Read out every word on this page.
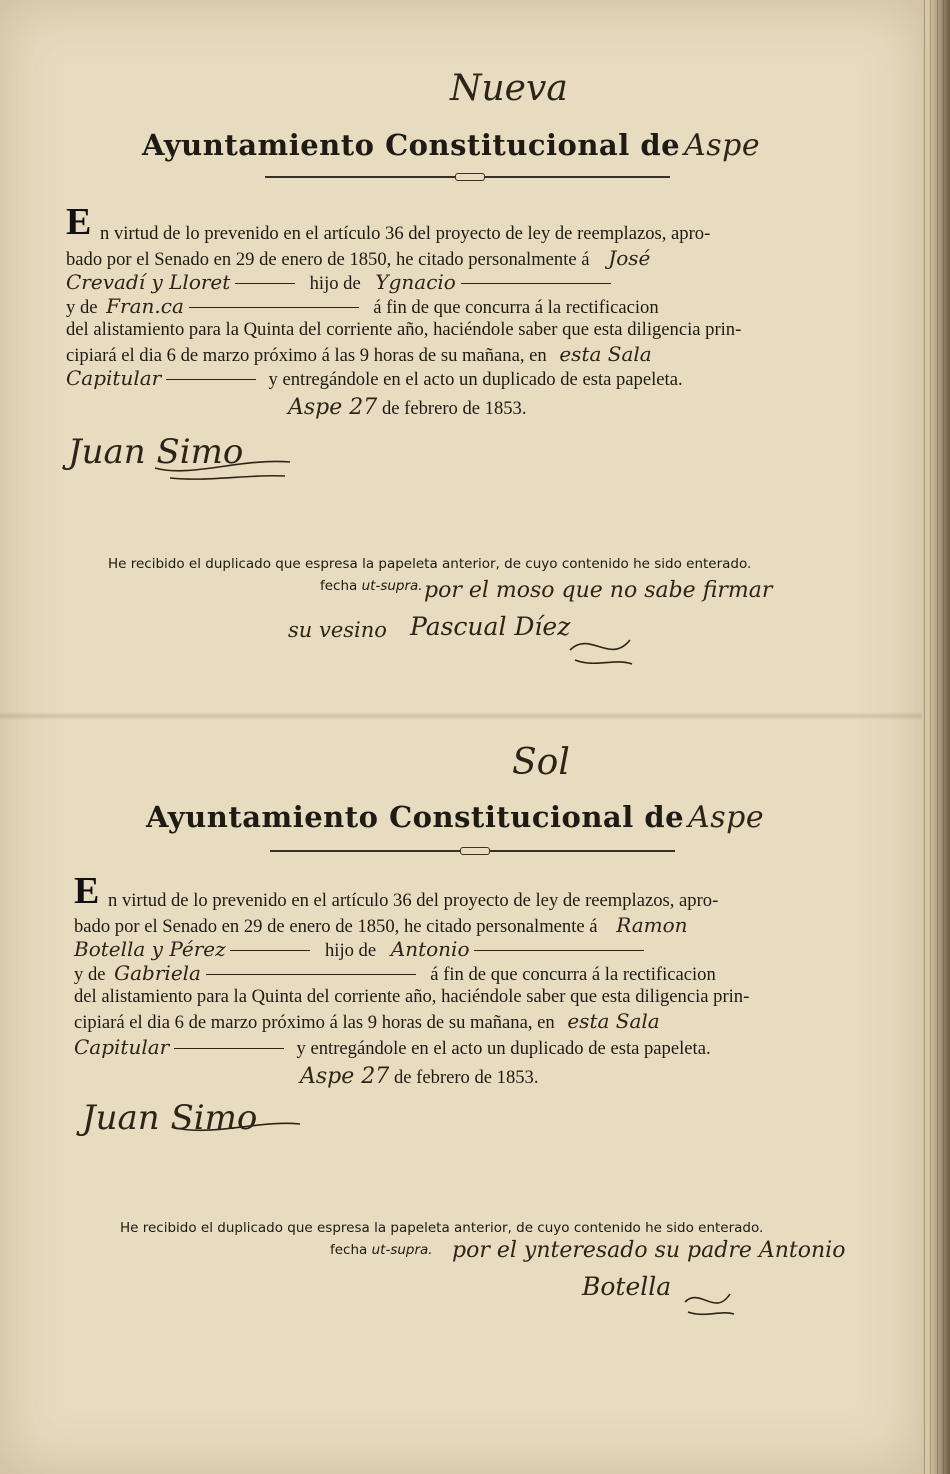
Nueva
Ayuntamiento Constitucional de Aspe
E n virtud de lo prevenido en el artículo 36 del proyecto de ley de reemplazos, apro-
bado por el Senado en 29 de enero de 1850, he citado personalmente á José
Crevadí y Lloret	hijo de Ygnacio
y de Fran.ca	á fin de que concurra á la rectificacion
del alistamiento para la Quinta del corriente año, haciéndole saber que esta diligencia prin-
cipiará el dia 6 de marzo próximo á las 9 horas de su mañana, en esta Sala
Capitular	y entregándole en el acto un duplicado de esta papeleta.
Aspe 27 de febrero de 1853.
Juan Simo
He recibido el duplicado que espresa la papeleta anterior, de cuyo contenido he sido enterado.
fecha ut-supra. por el moso que no sabe firmar
su vesino Pascual Díez
Sol
Ayuntamiento Constitucional de Aspe
E n virtud de lo prevenido en el artículo 36 del proyecto de ley de reemplazos, apro-
bado por el Senado en 29 de enero de 1850, he citado personalmente á Ramon
Botella y Pérez	hijo de Antonio
y de Gabriela	á fin de que concurra á la rectificacion
del alistamiento para la Quinta del corriente año, haciéndole saber que esta diligencia prin-
cipiará el dia 6 de marzo próximo á las 9 horas de su mañana, en esta Sala
Capitular	y entregándole en el acto un duplicado de esta papeleta.
Aspe 27 de febrero de 1853.
Juan Simo
He recibido el duplicado que espresa la papeleta anterior, de cuyo contenido he sido enterado.
fecha ut-supra. por el ynteresado su padre Antonio
Botella
